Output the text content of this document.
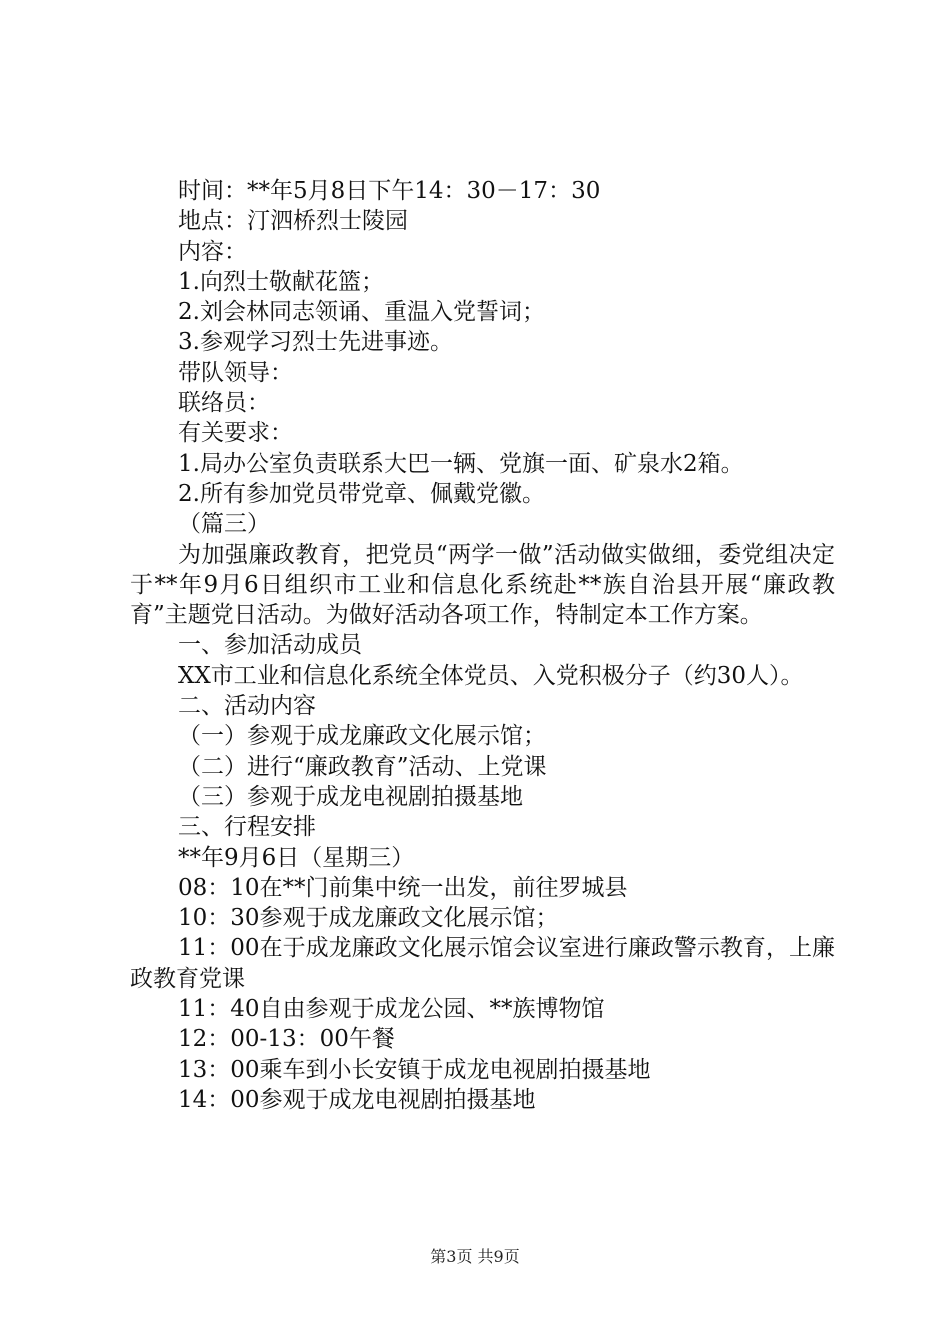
时间：**年5月8日下午14：30－17：30
地点：汀泗桥烈士陵园
内容：
1.向烈士敬献花篮；
2.刘会林同志领诵、重温入党誓词；
3.参观学习烈士先进事迹。
带队领导：
联络员：
有关要求：
1.局办公室负责联系大巴一辆、党旗一面、矿泉水2箱。
2.所有参加党员带党章、佩戴党徽。
（篇三）

为加强廉政教育，把党员“两学一做”活动做实做细，委党组决定于**年9月6日组织市工业和信息化系统赴**族自治县开展“廉政教育”主题党日活动。为做好活动各项工作，特制定本工作方案。

一、参加活动成员

XX市工业和信息化系统全体党员、入党积极分子（约30人）。

二、活动内容
（一）参观于成龙廉政文化展示馆；
（二）进行“廉政教育”活动、上党课
（三）参观于成龙电视剧拍摄基地
三、行程安排
**年9月6日（星期三）
08：10在**门前集中统一出发，前往罗城县
10：30参观于成龙廉政文化展示馆；

11：00在于成龙廉政文化展示馆会议室进行廉政警示教育，上廉政教育党课

11：40自由参观于成龙公园、**族博物馆
12：00-13：00午餐
13：00乘车到小长安镇于成龙电视剧拍摄基地
14：00参观于成龙电视剧拍摄基地
第3页 共9页
